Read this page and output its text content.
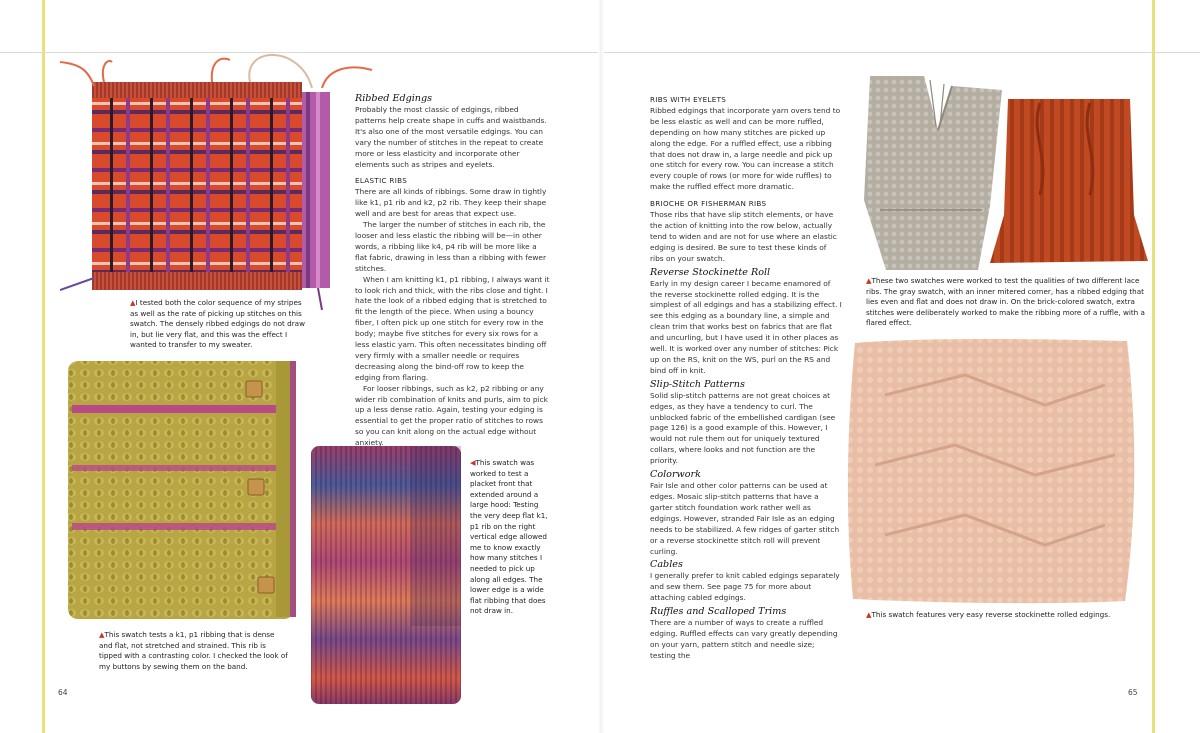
▲I tested both the color sequence of my stripes as well as the rate of picking up stitches on this swatch. The densely ribbed edgings do not draw in, but lie very flat, and this was the effect I wanted to transfer to my sweater.
▲This swatch tests a k1, p1 ribbing that is dense and flat, not stretched and strained. This rib is tipped with a contrasting color. I checked the look of my buttons by sewing them on the band.
◀This swatch was worked to test a placket front that extended around a large hood: Testing the very deep flat k1, p1 rib on the right vertical edge allowed me to know exactly how many stitches I needed to pick up along all edges. The lower edge is a wide flat ribbing that does not draw in.
Ribbed Edgings

Probably the most classic of edgings, ribbed patterns help create shape in cuffs and waistbands. It's also one of the most versatile edgings. You can vary the number of stitches in the repeat to create more or less elasticity and incorporate other elements such as stripes and eyelets.

ELASTIC RIBS

There are all kinds of ribbings. Some draw in tightly like k1, p1 rib and k2, p2 rib. They keep their shape well and are best for areas that expect use.

The larger the number of stitches in each rib, the looser and less elastic the ribbing will be—in other words, a ribbing like k4, p4 rib will be more like a flat fabric, drawing in less than a ribbing with fewer stitches.

When I am knitting k1, p1 ribbing, I always want it to look rich and thick, with the ribs close and tight. I hate the look of a ribbed edging that is stretched to fit the length of the piece. When using a bouncy fiber, I often pick up one stitch for every row in the body; maybe five stitches for every six rows for a less elastic yarn. This often necessitates binding off very firmly with a smaller needle or requires decreasing along the bind-off row to keep the edging from flaring.

For looser ribbings, such as k2, p2 ribbing or any wider rib combination of knits and purls, aim to pick up a less dense ratio. Again, testing your edging is essential to get the proper ratio of stitches to rows so you can knit along on the actual edge without anxiety.

64
RIBS WITH EYELETS

Ribbed edgings that incorporate yarn overs tend to be less elastic as well and can be more ruffled, depending on how many stitches are picked up along the edge. For a ruffled effect, use a ribbing that does not draw in, a large needle and pick up one stitch for every row. You can increase a stitch every couple of rows (or more for wide ruffles) to make the ruffled effect more dramatic.

BRIOCHE OR FISHERMAN RIBS

Those ribs that have slip stitch elements, or have the action of knitting into the row below, actually tend to widen and are not for use where an elastic edging is desired. Be sure to test these kinds of ribs on your swatch.

Reverse Stockinette Roll

Early in my design career I became enamored of the reverse stockinette rolled edging. It is the simplest of all edgings and has a stabilizing effect. I see this edging as a boundary line, a simple and clean trim that works best on fabrics that are flat and uncurling, but I have used it in other places as well. It is worked over any number of stitches: Pick up on the RS, knit on the WS, purl on the RS and bind off in knit.

Slip-Stitch Patterns

Solid slip-stitch patterns are not great choices at edges, as they have a tendency to curl. The unblocked fabric of the embellished cardigan (see page 126) is a good example of this. However, I would not rule them out for uniquely textured collars, where looks and not function are the priority.

Colorwork

Fair Isle and other color patterns can be used at edges. Mosaic slip-stitch patterns that have a garter stitch foundation work rather well as edgings. However, stranded Fair Isle as an edging needs to be stabilized. A few ridges of garter stitch or a reverse stockinette stitch roll will prevent curling.

Cables

I generally prefer to knit cabled edgings separately and sew them. See page 75 for more about attaching cabled edgings.

Ruffles and Scalloped Trims

There are a number of ways to create a ruffled edging. Ruffled effects can vary greatly depending on your yarn, pattern stitch and needle size; testing the

▲These two swatches were worked to test the qualities of two different lace ribs. The gray swatch, with an inner mitered corner, has a ribbed edging that lies even and flat and does not draw in. On the brick-colored swatch, extra stitches were deliberately worked to make the ribbing more of a ruffle, with a flared effect.
▲This swatch features very easy reverse stockinette rolled edgings.
65
